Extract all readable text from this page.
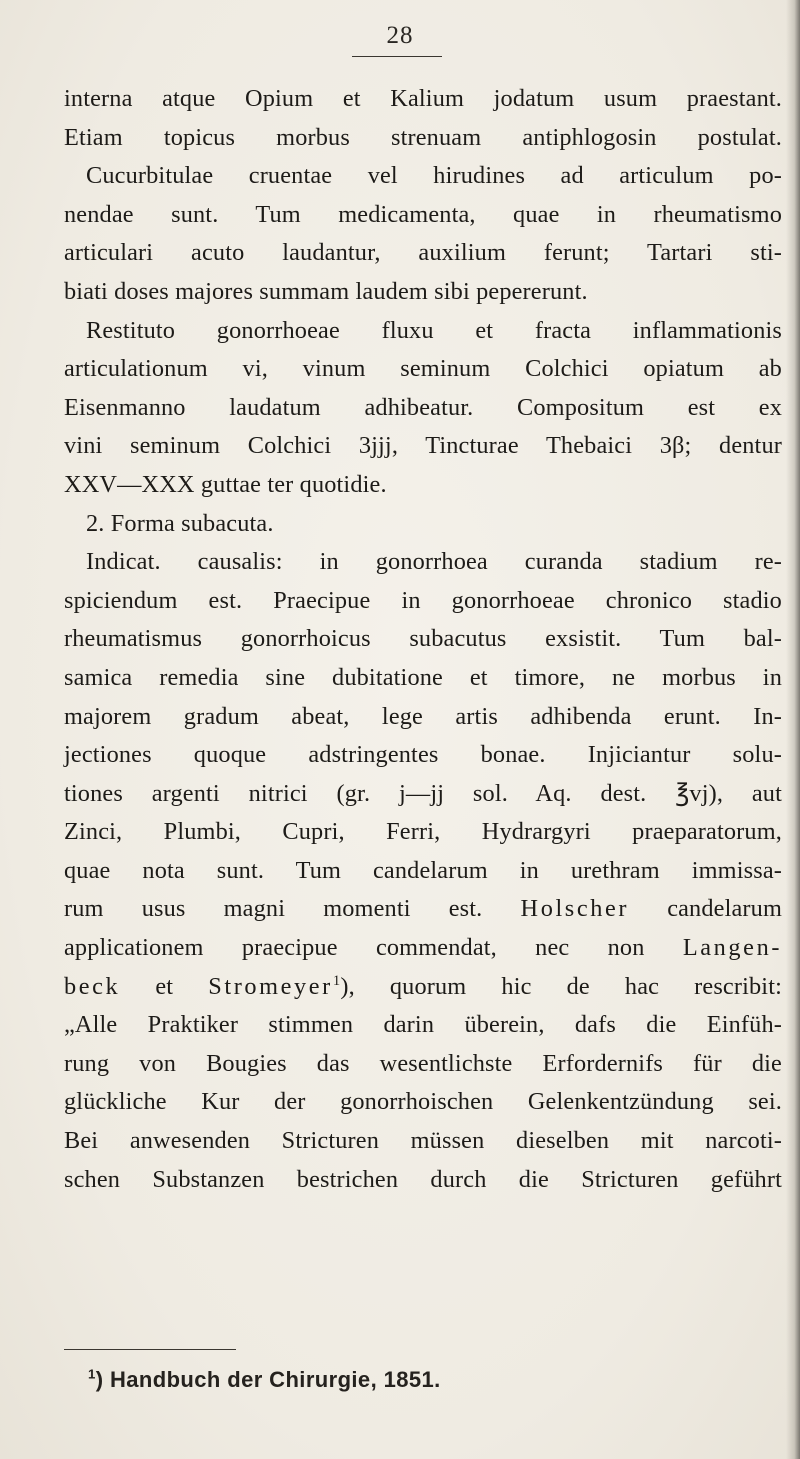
28
interna atque Opium et Kalium jodatum usum praestant.
Etiam topicus morbus strenuam antiphlogosin postulat.
Cucurbitulae cruentae vel hirudines ad articulum po-
nendae sunt. Tum medicamenta, quae in rheumatismo
articulari acuto laudantur, auxilium ferunt; Tartari sti-
biati doses majores summam laudem sibi pepererunt.
Restituto gonorrhoeae fluxu et fracta inflammationis
articulationum vi, vinum seminum Colchici opiatum ab
Eisenmanno laudatum adhibeatur. Compositum est ex
vini seminum Colchici 3jjj, Tincturae Thebaici 3β; dentur
XXV—XXX guttae ter quotidie.
2. Forma subacuta.
Indicat. causalis: in gonorrhoea curanda stadium re-
spiciendum est. Praecipue in gonorrhoeae chronico stadio
rheumatismus gonorrhoicus subacutus exsistit. Tum bal-
samica remedia sine dubitatione et timore, ne morbus in
majorem gradum abeat, lege artis adhibenda erunt. In-
jectiones quoque adstringentes bonae. Injiciantur solu-
tiones argenti nitrici (gr. j—jj sol. Aq. dest. ℥vj), aut
Zinci, Plumbi, Cupri, Ferri, Hydrargyri praeparatorum,
quae nota sunt. Tum candelarum in urethram immissa-
rum usus magni momenti est. Holscher candelarum
applicationem praecipue commendat, nec non Langen-
beck et Stromeyer$^1$), quorum hic de hac rescribit:
„Alle Praktiker stimmen darin überein, dafs die Einfüh-
rung von Bougies das wesentlichste Erfordernifs für die
glückliche Kur der gonorrhoischen Gelenkentzündung sei.
Bei anwesenden Stricturen müssen dieselben mit narcoti-
schen Substanzen bestrichen durch die Stricturen geführt
$^1$) Handbuch der Chirurgie, 1851.
